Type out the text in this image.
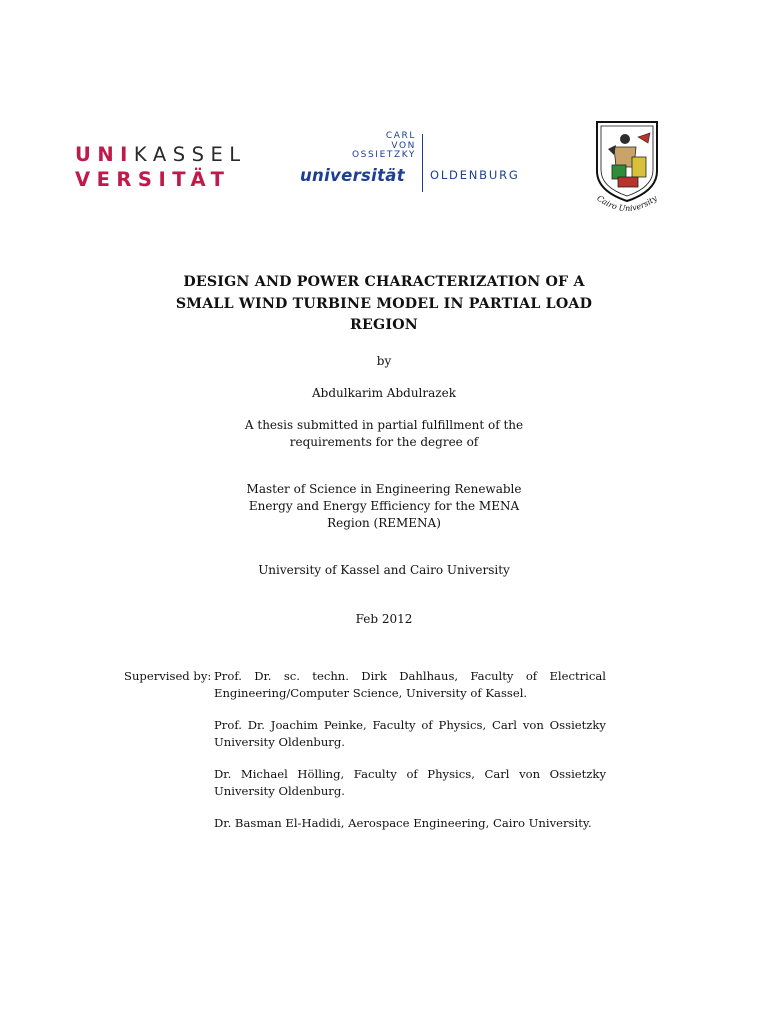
UNIKASSEL
VERSITÄT
CARL
VON
OSSIETZKY
universität OLDENBURG
Cairo University
DESIGN AND POWER CHARACTERIZATION OF A
SMALL WIND TURBINE MODEL IN PARTIAL LOAD
REGION
by
Abdulkarim Abdulrazek
A thesis submitted in partial fulfillment of the
requirements for the degree of
Master of Science in Engineering Renewable
Energy and Energy Efficiency for the MENA
Region (REMENA)
University of Kassel and Cairo University
Feb 2012
Supervised by: Prof. Dr. sc. techn. Dirk Dahlhaus, Faculty of Electrical Engineering/Computer Science, University of Kassel.
Prof. Dr. Joachim Peinke, Faculty of Physics, Carl von Ossietzky University Oldenburg.
Dr. Michael Hölling, Faculty of Physics, Carl von Ossietzky University Oldenburg.
Dr. Basman El-Hadidi, Aerospace Engineering, Cairo University.
